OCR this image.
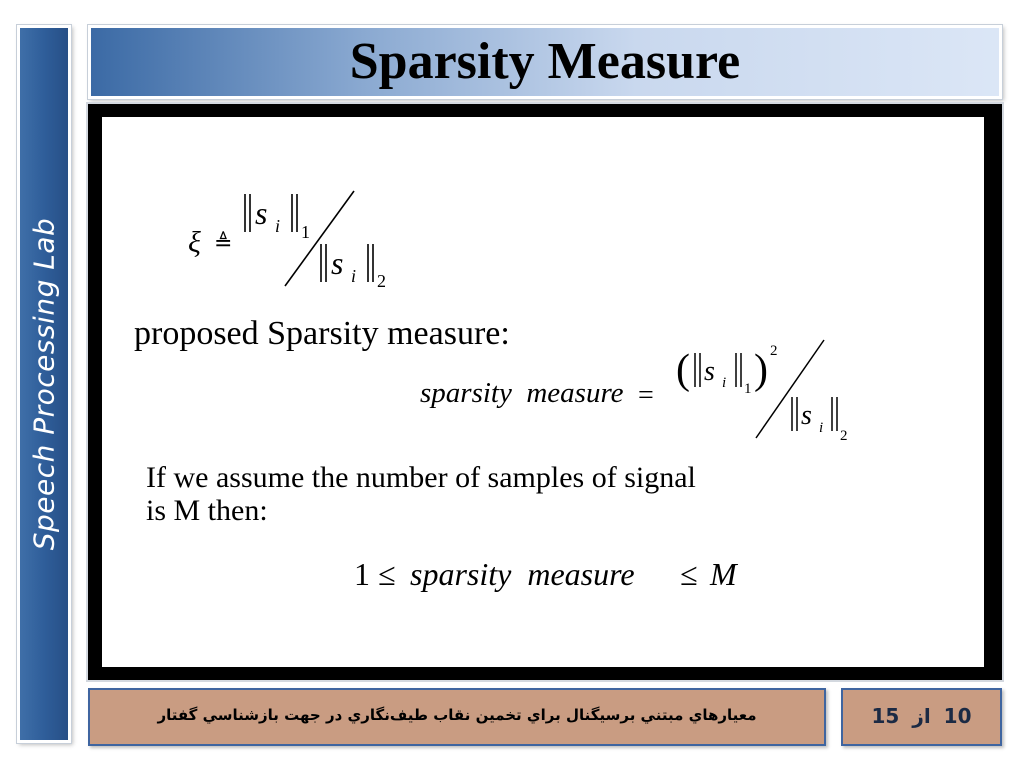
Speech Processing Lab
Sparsity Measure
ξ ≜
s i 1
s i 2
proposed Sparsity measure:
sparsity  measure =
( s i 1 ) 2
s i 2
If we assume the number of samples of signal
is M then:
1 ≤ sparsity  measure ≤ M
معيارهاي مبتني برسيگنال براي تخمين نقاب طيف‌نگاري در جهت بازشناسي گفتار	10 از 15
